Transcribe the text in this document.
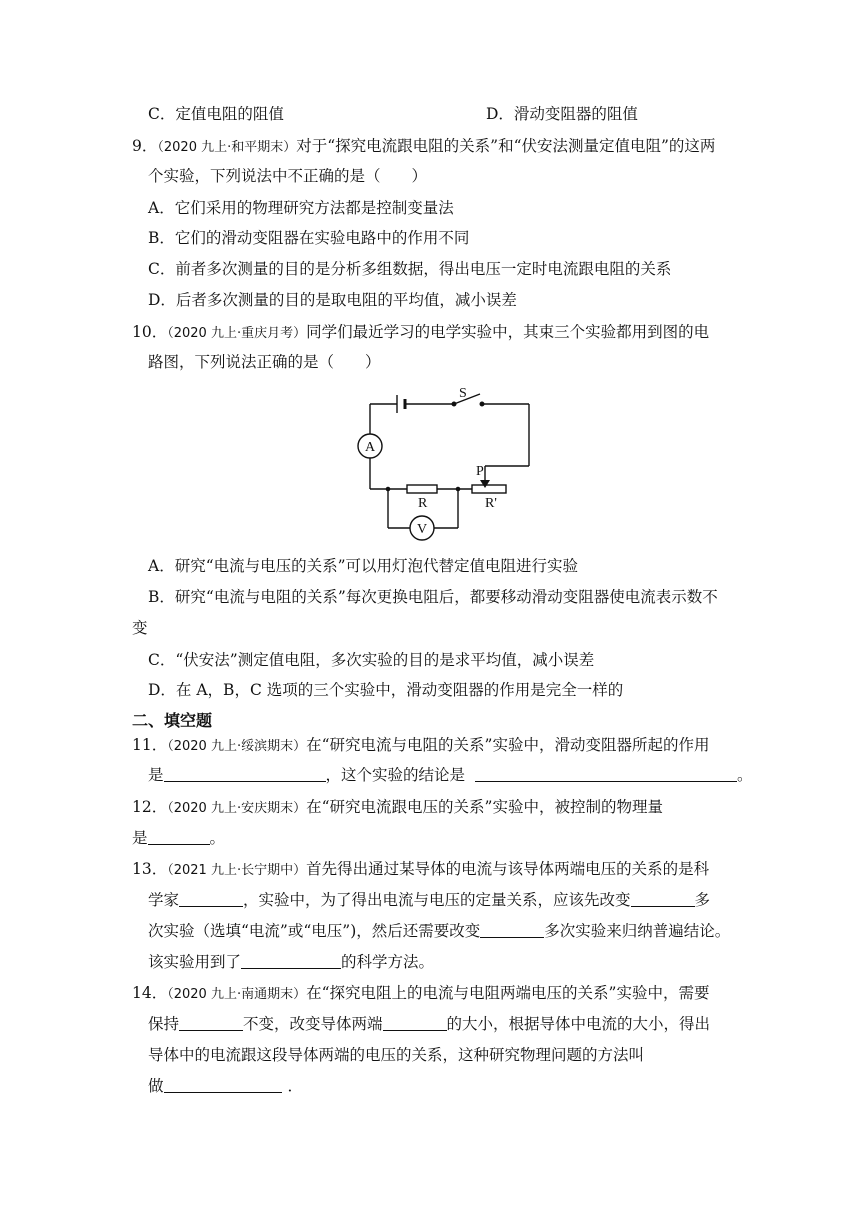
C．定值电阻的阻值	D．滑动变阻器的阻值
9．（2020 九上·和平期末）对于“探究电流跟电阻的关系”和“伏安法测量定值电阻”的这两
个实验，下列说法中不正确的是（　　）
A．它们采用的物理研究方法都是控制变量法
B．它们的滑动变阻器在实验电路中的作用不同
C．前者多次测量的目的是分析多组数据，得出电压一定时电流跟电阻的关系
D．后者多次测量的目的是取电阻的平均值，减小误差
10．（2020 九上·重庆月考）同学们最近学习的电学实验中，其束三个实验都用到图的电
路图，下列说法正确的是（　　）
S
A
V
R	R'
P
A．研究“电流与电压的关系”可以用灯泡代替定值电阻进行实验
B．研究“电流与电阻的关系”每次更换电阻后，都要移动滑动变阻器使电流表示数不
变
C．“伏安法”测定值电阻，多次实验的目的是求平均值，减小误差
D．在 A，B，C 选项的三个实验中，滑动变阻器的作用是完全一样的
二、填空题
11．（2020 九上·绥滨期末）在“研究电流与电阻的关系”实验中，滑动变阻器所起的作用
是	，这个实验的结论是	。
12．（2020 九上·安庆期末）在“研究电流跟电压的关系”实验中，被控制的物理量
是	。
13．（2021 九上·长宁期中）首先得出通过某导体的电流与该导体两端电压的关系的是科
学家	，实验中，为了得出电流与电压的定量关系，应该先改变	多
次实验（选填“电流”或“电压”)，然后还需要改变	多次实验来归纳普遍结论。
该实验用到了	的科学方法。
14．（2020 九上·南通期末）在“探究电阻上的电流与电阻两端电压的关系”实验中，需要
保持	不变，改变导体两端	的大小，根据导体中电流的大小，得出
导体中的电流跟这段导体两端的电压的关系，这种研究物理问题的方法叫
做	．
